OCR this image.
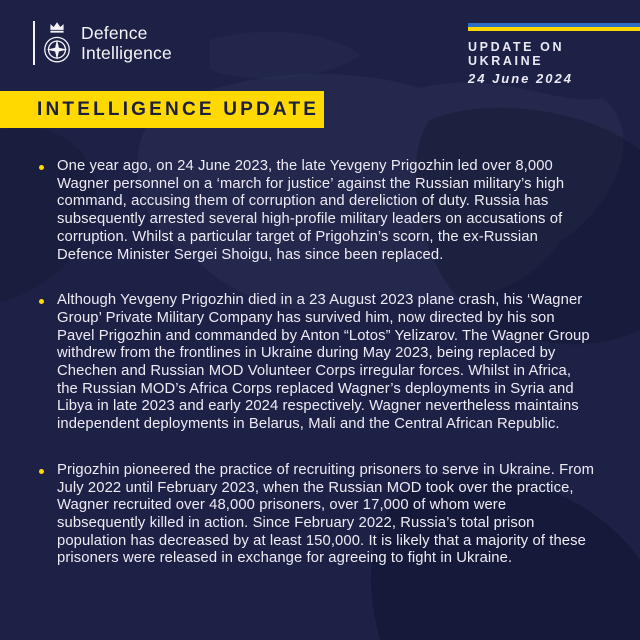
Defence
Intelligence	UPDATE ON UKRAINE
24 June 2024
INTELLIGENCE UPDATE

One year ago, on 24 June 2023, the late Yevgeny Prigozhin led over 8,000 Wagner personnel on a ‘march for justice’ against the Russian military’s high command, accusing them of corruption and dereliction of duty. Russia has subsequently arrested several high-profile military leaders on accusations of corruption. Whilst a particular target of Prigohzin’s scorn, the ex-Russian Defence Minister Sergei Shoigu, has since been replaced.

Although Yevgeny Prigozhin died in a 23 August 2023 plane crash, his ‘Wagner Group’ Private Military Company has survived him, now directed by his son Pavel Prigozhin and commanded by Anton “Lotos” Yelizarov. The Wagner Group withdrew from the frontlines in Ukraine during May 2023, being replaced by Chechen and Russian MOD Volunteer Corps irregular forces. Whilst in Africa, the Russian MOD’s Africa Corps replaced Wagner’s deployments in Syria and Libya in late 2023 and early 2024 respectively. Wagner nevertheless maintains independent deployments in Belarus, Mali and the Central African Republic.

Prigozhin pioneered the practice of recruiting prisoners to serve in Ukraine. From July 2022 until February 2023, when the Russian MOD took over the practice, Wagner recruited over 48,000 prisoners, over 17,000 of whom were subsequently killed in action. Since February 2022, Russia’s total prison population has decreased by at least 150,000. It is likely that a majority of these prisoners were released in exchange for agreeing to fight in Ukraine.
